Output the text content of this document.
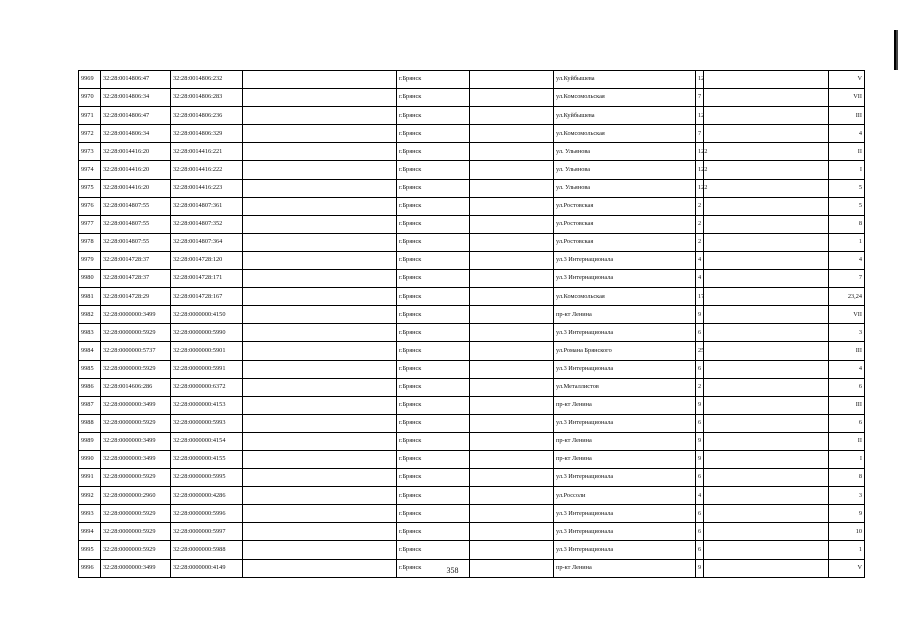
9969	32:28:0014806:47	32:28:0014806:232		г.Брянск		ул.Куйбышева	12		V
9970	32:28:0014806:34	32:28:0014806:283		г.Брянск		ул.Комсомольская	7		VII
9971	32:28:0014806:47	32:28:0014806:236		г.Брянск		ул.Куйбышева	12		III
9972	32:28:0014806:34	32:28:0014806:329		г.Брянск		ул.Комсомольская	7		4
9973	32:28:0014416:20	32:28:0014416:221		г.Брянск		ул. Ульянова	122		II
9974	32:28:0014416:20	32:28:0014416:222		г.Брянск		ул. Ульянова	122		I
9975	32:28:0014416:20	32:28:0014416:223		г.Брянск		ул. Ульянова	122		5
9976	32:28:0014807:55	32:28:0014807:361		г.Брянск		ул.Ростовская	2		5
9977	32:28:0014807:55	32:28:0014807:352		г.Брянск		ул.Ростовская	2		8
9978	32:28:0014807:55	32:28:0014807:364		г.Брянск		ул.Ростовская	2		1
9979	32:28:0014728:37	32:28:0014728:120		г.Брянск		ул.3 Интернационала	4		4
9980	32:28:0014728:37	32:28:0014728:171		г.Брянск		ул.3 Интернационала	4		7
9981	32:28:0014728:29	32:28:0014728:167		г.Брянск		ул.Комсомольская	17		23,24
9982	32:28:0000000:3499	32:28:0000000:4150		г.Брянск		пр-кт Ленина	9		VII
9983	32:28:0000000:5929	32:28:0000000:5990		г.Брянск		ул.3 Интернационала	6		3
9984	32:28:0000000:5737	32:28:0000000:5901		г.Брянск		ул.Романа Брянского	25		III
9985	32:28:0000000:5929	32:28:0000000:5991		г.Брянск		ул.3 Интернационала	6		4
9986	32:28:0014606:286	32:28:0000000:6372		г.Брянск		ул.Металлистов	2		6
9987	32:28:0000000:3499	32:28:0000000:4153		г.Брянск		пр-кт Ленина	9		III
9988	32:28:0000000:5929	32:28:0000000:5993		г.Брянск		ул.3 Интернационала	6		6
9989	32:28:0000000:3499	32:28:0000000:4154		г.Брянск		пр-кт Ленина	9		II
9990	32:28:0000000:3499	32:28:0000000:4155		г.Брянск		пр-кт Ленина	9		I
9991	32:28:0000000:5929	32:28:0000000:5995		г.Брянск		ул.3 Интернационала	6		8
9992	32:28:0000000:2960	32:28:0000000:4286		г.Брянск		ул.Россоли	4		3
9993	32:28:0000000:5929	32:28:0000000:5996		г.Брянск		ул.3 Интернационала	6		9
9994	32:28:0000000:5929	32:28:0000000:5997		г.Брянск		ул.3 Интернационала	6		10
9995	32:28:0000000:5929	32:28:0000000:5988		г.Брянск		ул.3 Интернационала	6		1
9996	32:28:0000000:3499	32:28:0000000:4149		г.Брянск		пр-кт Ленина	9		V
358
